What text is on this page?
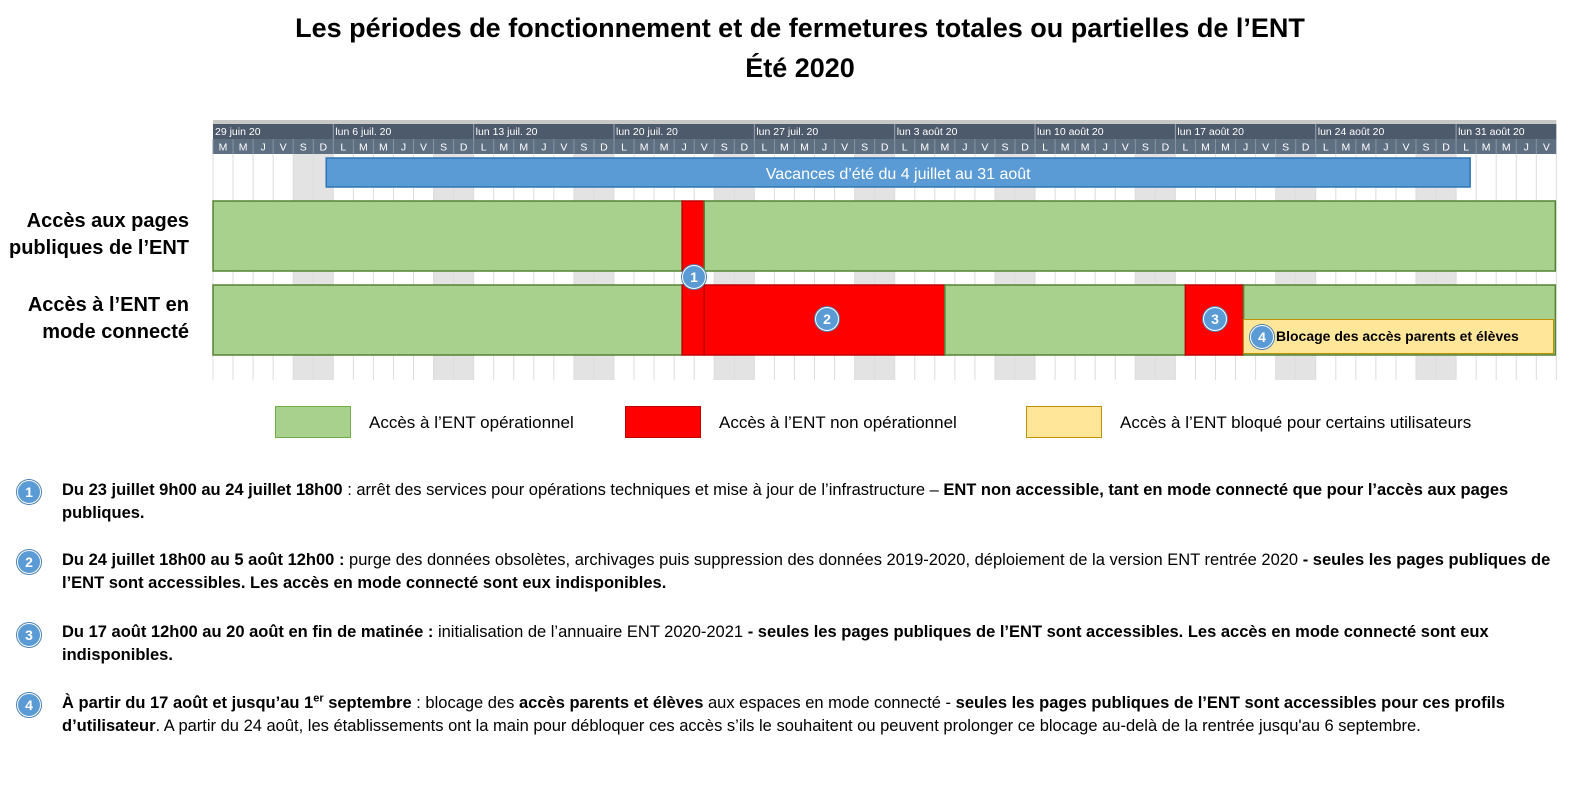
Les périodes de fonctionnement et de fermetures totales ou partielles de l’ENT
Été 2020
29 juin 20	lun 6 juil. 20	lun 13 juil. 20	lun 20 juil. 20	lun 27 juil. 20	lun 3 août 20	lun 10 août 20	lun 17 août 20	lun 24 août 20	lun 31 août 20
M M J V S D L M M J V S D L M M J V S D L M M J V S D L M M J V S D L M M J V S D L M M J V S D L M M J V S D L M M J V S D L M M J V
Vacances d’été du 4 juillet au 31 août
Accès aux pages
publiques de l’ENT
Accès à l’ENT en
mode connecté
1
2	3
4 Blocage des accès parents et élèves
Accès à l’ENT opérationnel	Accès à l’ENT non opérationnel	Accès à l’ENT bloqué pour certains utilisateurs
1	Du 23 juillet 9h00 au 24 juillet 18h00 : arrêt des services pour opérations techniques et mise à jour de l’infrastructure – ENT non accessible, tant en mode connecté que pour l’accès aux pages publiques.
2	Du 24 juillet 18h00 au 5 août 12h00 : purge des données obsolètes, archivages puis suppression des données 2019-2020, déploiement de la version ENT rentrée 2020 - seules les pages publiques de l’ENT sont accessibles. Les accès en mode connecté sont eux indisponibles.
3	Du 17 août 12h00 au 20 août en fin de matinée : initialisation de l’annuaire ENT 2020-2021 - seules les pages publiques de l’ENT sont accessibles. Les accès en mode connecté sont eux indisponibles.
4	À partir du 17 août et jusqu’au 1er septembre : blocage des accès parents et élèves aux espaces en mode connecté - seules les pages publiques de l’ENT sont accessibles pour ces profils d’utilisateur. A partir du 24 août, les établissements ont la main pour débloquer ces accès s’ils le souhaitent ou peuvent prolonger ce blocage au-delà de la rentrée jusqu'au 6 septembre.
